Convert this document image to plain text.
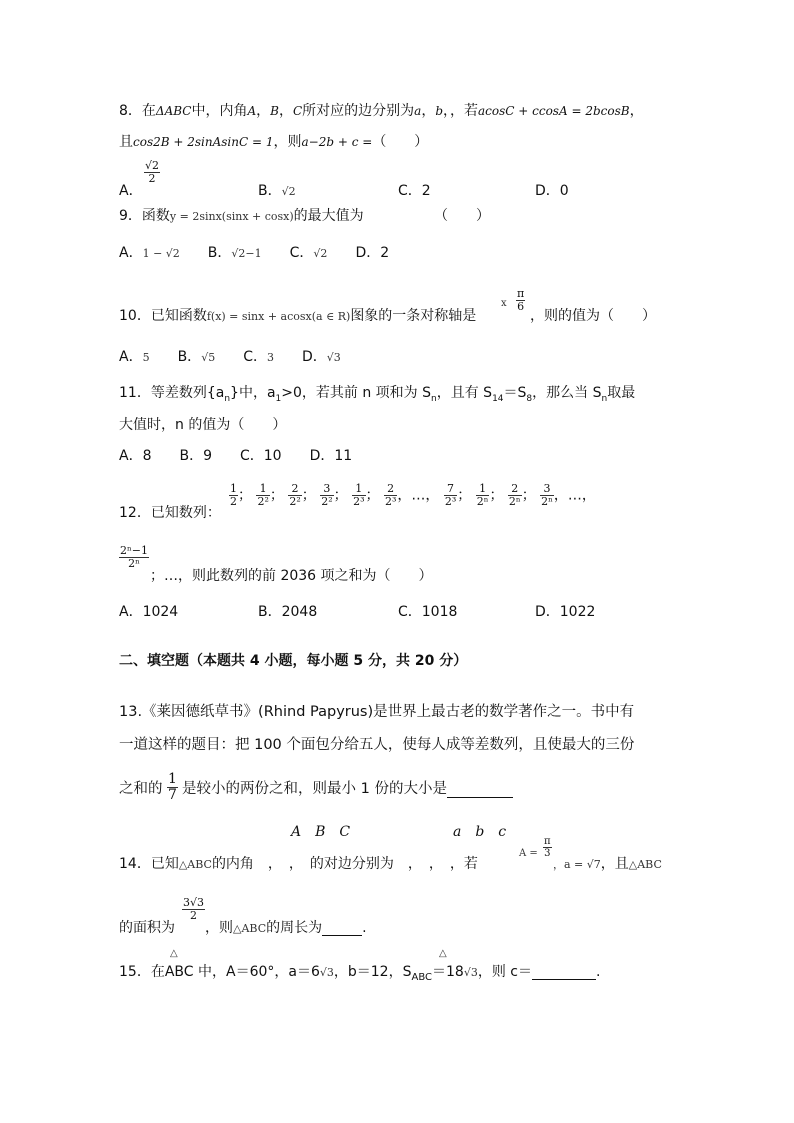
8．在ΔABC中，内角A，B，C所对应的边分别为a，b，，若acosC + ccosA = 2bcosB，
且cos2B + 2sinAsinC = 1，则a−2b + c =（　　）
A．
$\frac{√2}{2}$
B．√2	C．2	D．0
9．函数y = 2sinx(sinx + cosx)的最大值为	（　　）
A．1 − √2　　 B．√2−1　　 C．√2　　 D．2
10．已知函数f(x) = sinx + acosx(a ∈ R)图象的一条对称轴是
x $\frac{\pi}{6}$
，则的值为（　　）
A．5　　 B．√5　　 C．3　　 D．√3
11．等差数列$\{a_n\}$中，$a_1>0$，若其前 n 项和为 $S_n$，且有 $S_{14}=S_8$，那么当 $S_n$取最
大值时，n 的值为（　　）
A．8　　B．9　　C．10　　D．11
12．已知数列：
$\frac{1}{2}$ ； $\frac{1}{\text{2²}}$ ； $\frac{2}{\text{2²}}$ ； $\frac{3}{\text{2²}}$ ； $\frac{1}{\text{2³}}$ ； $\frac{2}{\text{2³}}$ ，…， $\frac{7}{\text{2³}}$ ； $\frac{1}{\text{2ⁿ}}$ ； $\frac{2}{\text{2ⁿ}}$ ； $\frac{3}{\text{2ⁿ}}$ ，…，
$\frac{\text{2ⁿ−1}}{\text{2ⁿ}}$
；…，则此数列的前 2036 项之和为（　　）
A．1024	B．2048	C．1018	D．1022
二、填空题（本题共 4 小题，每小题 5 分，共 20 分）
13.《莱因德纸草书》(Rhind Papyrus)是世界上最古老的数学著作之一。书中有
一道这样的题目：把 100 个面包分给五人，使每人成等差数列，且使最大的三份
之和的 $\frac{1}{7}$ 是较小的两份之和，则最小 1 份的大小是
A　B　C	a　b　c
14．已知△ABC的内角　，　，　的对边分别为　，　，　，若
$A = \frac{\pi}{3}$
，a = √7，且△ABC
$\frac{3√3}{2}$
的面积为 ，则△ABC的周长为	.
△	△
15．在ABC 中，A＝60°，a＝6√3，b＝12，$S_{ABC}=18√3$，则 c＝	.
